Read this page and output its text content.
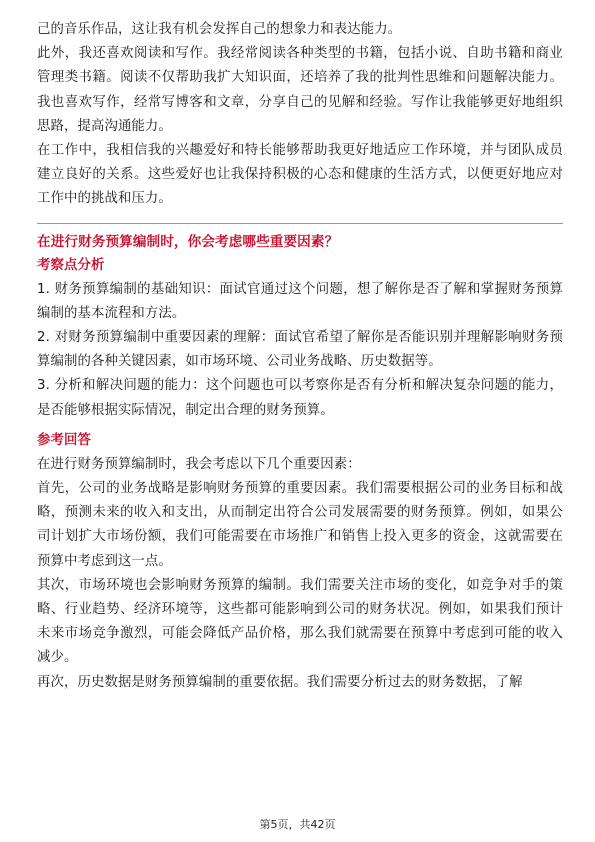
己的音乐作品，这让我有机会发挥自己的想象力和表达能力。

此外，我还喜欢阅读和写作。我经常阅读各种类型的书籍，包括小说、自助书籍和商业管理类书籍。阅读不仅帮助我扩大知识面，还培养了我的批判性思维和问题解决能力。我也喜欢写作，经常写博客和文章，分享自己的见解和经验。写作让我能够更好地组织思路，提高沟通能力。

在工作中，我相信我的兴趣爱好和特长能够帮助我更好地适应工作环境，并与团队成员建立良好的关系。这些爱好也让我保持积极的心态和健康的生活方式，以便更好地应对工作中的挑战和压力。

在进行财务预算编制时，你会考虑哪些重要因素？

考察点分析

1. 财务预算编制的基础知识：面试官通过这个问题，想了解你是否了解和掌握财务预算编制的基本流程和方法。

2. 对财务预算编制中重要因素的理解：面试官希望了解你是否能识别并理解影响财务预算编制的各种关键因素，如市场环境、公司业务战略、历史数据等。

3. 分析和解决问题的能力：这个问题也可以考察你是否有分析和解决复杂问题的能力，是否能够根据实际情况，制定出合理的财务预算。

参考回答

在进行财务预算编制时，我会考虑以下几个重要因素：

首先，公司的业务战略是影响财务预算的重要因素。我们需要根据公司的业务目标和战略，预测未来的收入和支出，从而制定出符合公司发展需要的财务预算。例如，如果公司计划扩大市场份额，我们可能需要在市场推广和销售上投入更多的资金，这就需要在预算中考虑到这一点。

其次，市场环境也会影响财务预算的编制。我们需要关注市场的变化，如竞争对手的策略、行业趋势、经济环境等，这些都可能影响到公司的财务状况。例如，如果我们预计未来市场竞争激烈，可能会降低产品价格，那么我们就需要在预算中考虑到可能的收入减少。

再次，历史数据是财务预算编制的重要依据。我们需要分析过去的财务数据，了解

第5页，共42页
